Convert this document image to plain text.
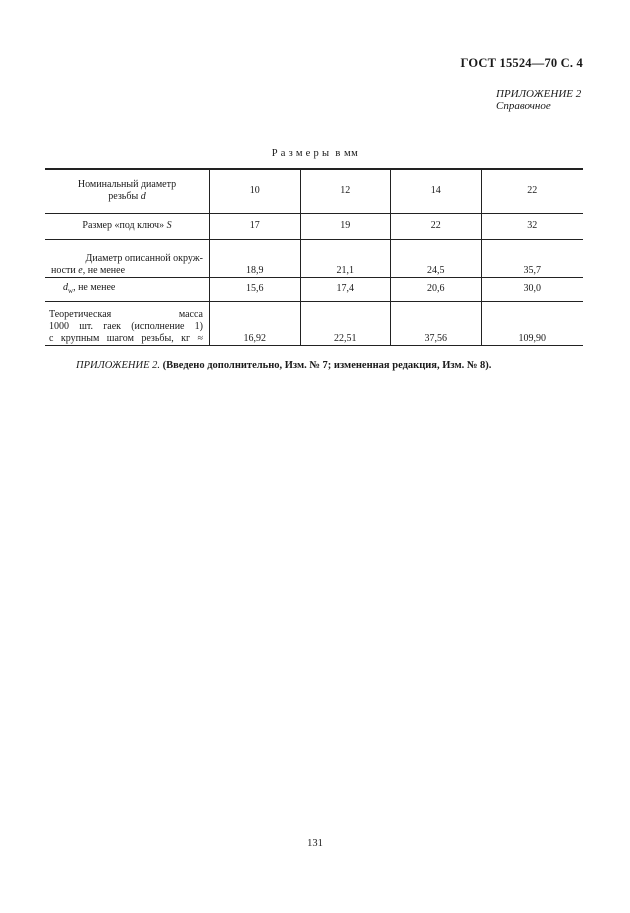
ГОСТ 15524—70 С. 4
ПРИЛОЖЕНИЕ 2
Справочное
Размеры в мм
Номинальный диаметр
резьбы d	10	12	14	22
Размер «под ключ» S	17	19	22	32

Диаметр описанной окруж-
ности e, не менее	18,9	21,1	24,5	35,7
$d_w$, не менее	15,6	17,4	20,6	30,0

Теоретическая масса
1000 шт. гаек (исполнение 1)
с крупным шагом резьбы, кг ≈	16,92	22,51	37,56	109,90
ПРИЛОЖЕНИЕ 2. (Введено дополнительно, Изм. № 7; измененная редакция, Изм. № 8).
131
